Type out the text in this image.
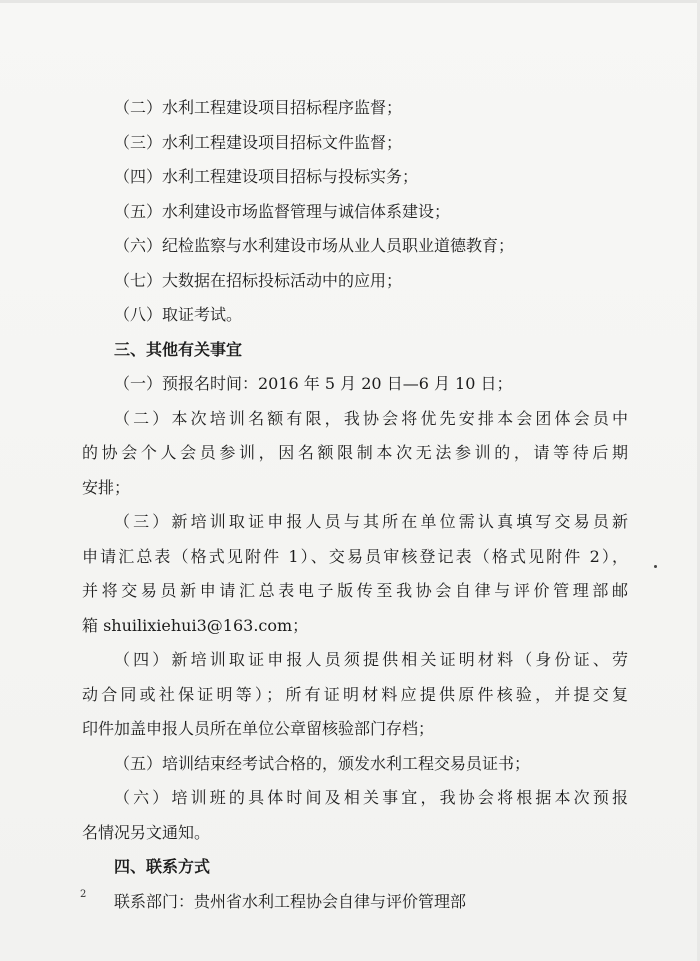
（二）水利工程建设项目招标程序监督；
（三）水利工程建设项目招标文件监督；
（四）水利工程建设项目招标与投标实务；
（五）水利建设市场监督管理与诚信体系建设；
（六）纪检监察与水利建设市场从业人员职业道德教育；
（七）大数据在招标投标活动中的应用；
（八）取证考试。
三、其他有关事宜
（一）预报名时间：2016 年 5 月 20 日—6 月 10 日；
（二）本次培训名额有限，我协会将优先安排本会团体会员中
的协会个人会员参训，因名额限制本次无法参训的，请等待后期
安排；
（三）新培训取证申报人员与其所在单位需认真填写交易员新
申请汇总表（格式见附件 1）、交易员审核登记表（格式见附件 2），
并将交易员新申请汇总表电子版传至我协会自律与评价管理部邮
箱 shuilixiehui3@163.com；
（四）新培训取证申报人员须提供相关证明材料（身份证、劳
动合同或社保证明等）；所有证明材料应提供原件核验，并提交复
印件加盖申报人员所在单位公章留核验部门存档；
（五）培训结束经考试合格的，颁发水利工程交易员证书；
（六）培训班的具体时间及相关事宜，我协会将根据本次预报
名情况另文通知。
四、联系方式
联系部门：贵州省水利工程协会自律与评价管理部
2
